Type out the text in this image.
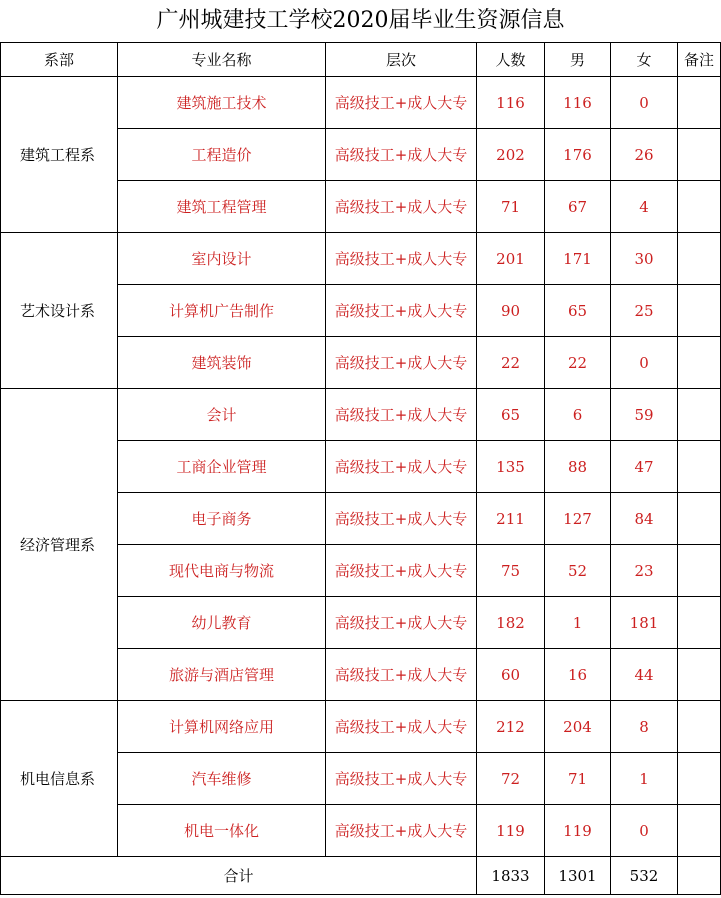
广州城建技工学校2020届毕业生资源信息
系部	专业名称	层次	人数	男	女	备注
建筑工程系	建筑施工技术	高级技工+成人大专	116	116	0	
	工程造价	高级技工+成人大专	202	176	26	
	建筑工程管理	高级技工+成人大专	71	67	4	
艺术设计系	室内设计	高级技工+成人大专	201	171	30	
	计算机广告制作	高级技工+成人大专	90	65	25	
	建筑装饰	高级技工+成人大专	22	22	0	
经济管理系	会计	高级技工+成人大专	65	6	59	
	工商企业管理	高级技工+成人大专	135	88	47	
	电子商务	高级技工+成人大专	211	127	84	
	现代电商与物流	高级技工+成人大专	75	52	23	
	幼儿教育	高级技工+成人大专	182	1	181	
	旅游与酒店管理	高级技工+成人大专	60	16	44	
机电信息系	计算机网络应用	高级技工+成人大专	212	204	8	
	汽车维修	高级技工+成人大专	72	71	1	
	机电一体化	高级技工+成人大专	119	119	0	
合计			1833	1301	532	
